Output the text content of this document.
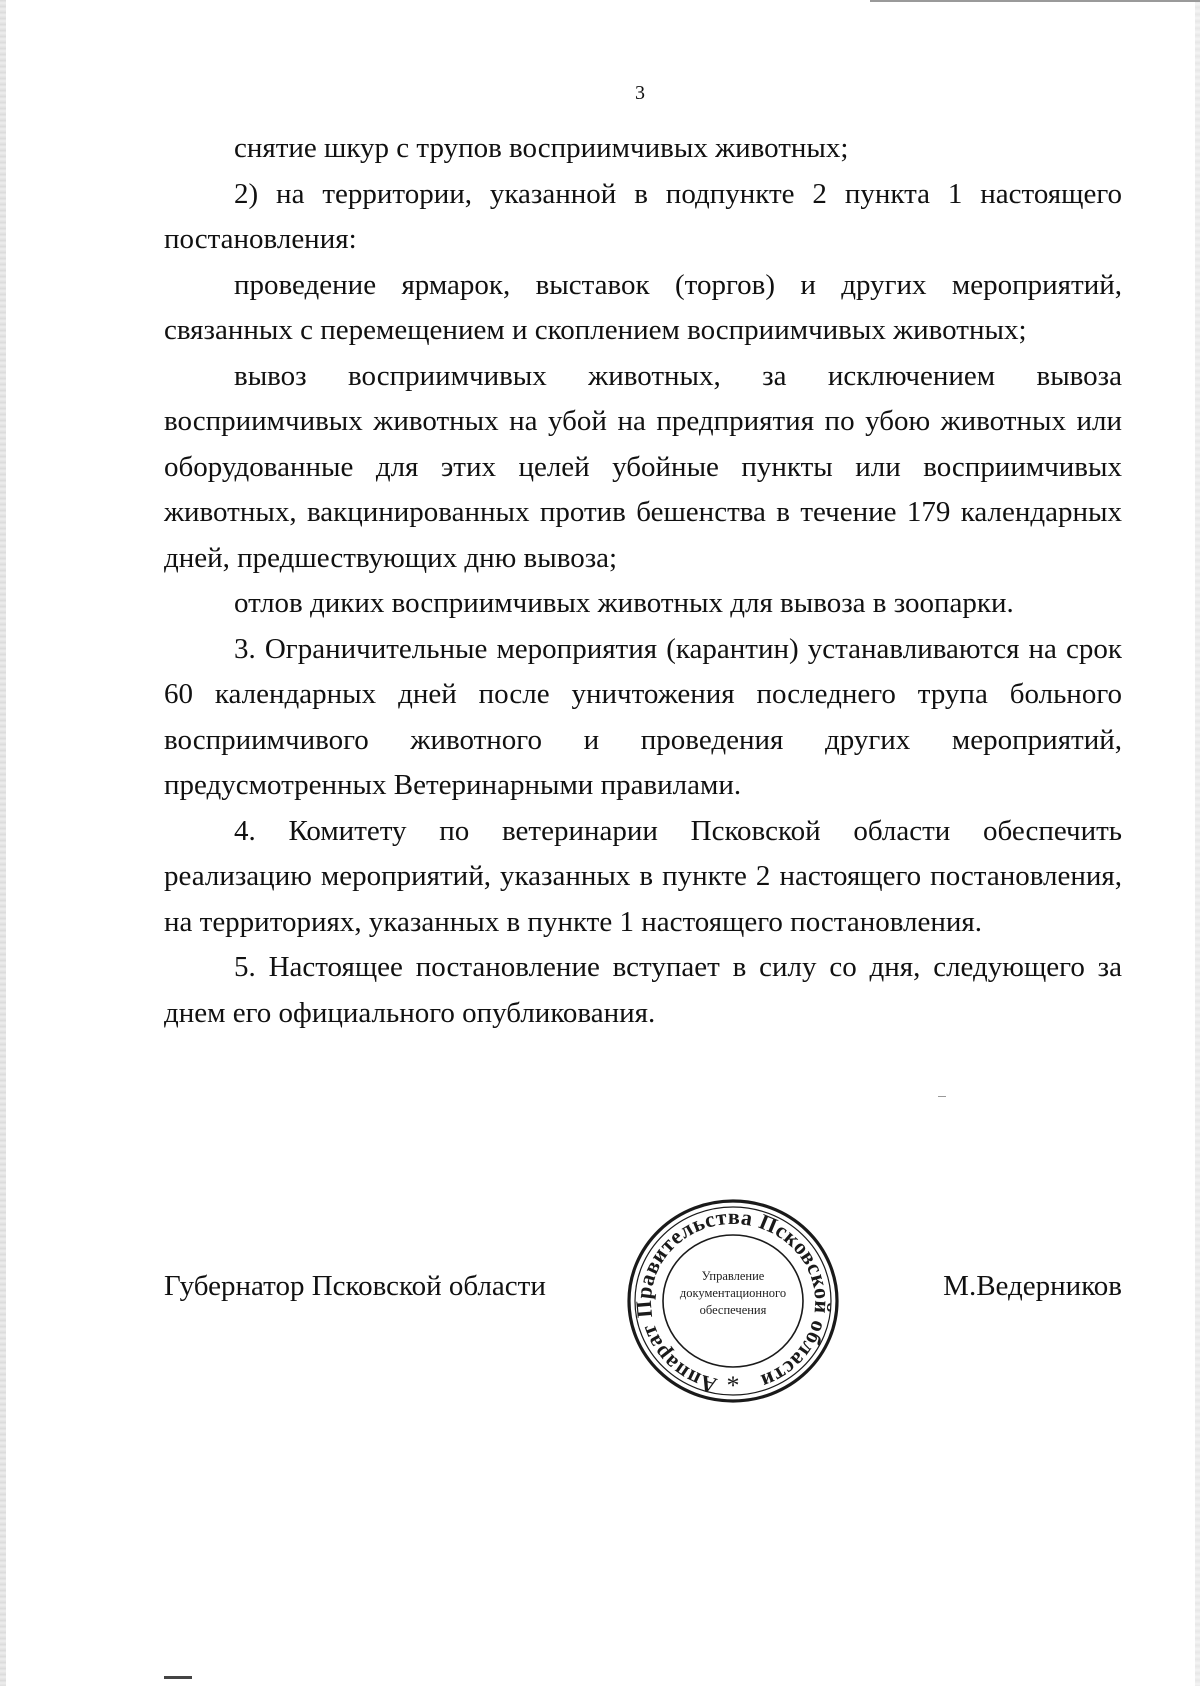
3

снятие шкур с трупов восприимчивых животных;

2) на территории, указанной в подпункте 2 пункта 1 настоящего постановления:

проведение ярмарок, выставок (торгов) и других мероприятий, связанных с перемещением и скоплением восприимчивых животных;

вывоз восприимчивых животных, за исключением вывоза восприимчивых животных на убой на предприятия по убою животных или оборудованные для этих целей убойные пункты или восприимчивых животных, вакцинированных против бешенства в течение 179 календарных дней, предшествующих дню вывоза;

отлов диких восприимчивых животных для вывоза в зоопарки.

3. Ограничительные мероприятия (карантин) устанавливаются на срок 60 календарных дней после уничтожения последнего трупа больного восприимчивого животного и проведения других мероприятий, предусмотренных Ветеринарными правилами.

4. Комитету по ветеринарии Псковской области обеспечить реализацию мероприятий, указанных в пункте 2 настоящего постановления, на территориях, указанных в пункте 1 настоящего постановления.

5. Настоящее постановление вступает в силу со дня, следующего за днем его официального опубликования.

Губернатор Псковской области	М.Ведерников
Аппарат Правительства Псковской области
*
Управление
документационного
обеспечения
